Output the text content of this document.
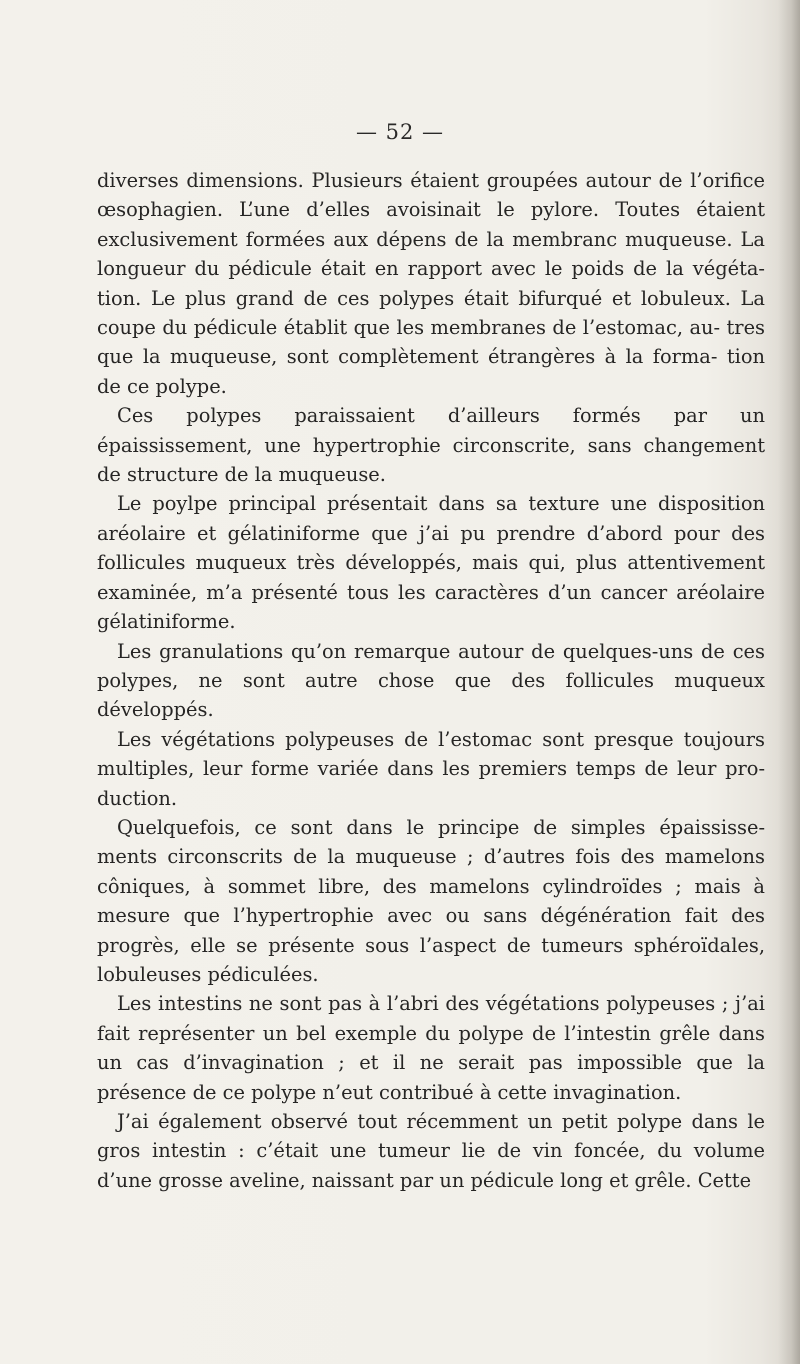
— 52 —

diverses dimensions. Plusieurs étaient groupées autour de l’orifice œsophagien. L’une d’elles avoisinait le pylore. Toutes étaient exclusivement formées aux dépens de la membranc muqueuse. La longueur du pédicule était en rapport avec le poids de la végéta- tion. Le plus grand de ces polypes était bifurqué et lobuleux. La coupe du pédicule établit que les membranes de l’estomac, au- tres que la muqueuse, sont complètement étrangères à la forma- tion de ce polype.

Ces polypes paraissaient d’ailleurs formés par un épaississement, une hypertrophie circonscrite, sans changement de structure de la muqueuse.

Le poylpe principal présentait dans sa texture une disposition aréolaire et gélatiniforme que j’ai pu prendre d’abord pour des follicules muqueux très développés, mais qui, plus attentivement examinée, m’a présenté tous les caractères d’un cancer aréolaire gélatiniforme.

Les granulations qu’on remarque autour de quelques-uns de ces polypes, ne sont autre chose que des follicules muqueux développés.

Les végétations polypeuses de l’estomac sont presque toujours multiples, leur forme variée dans les premiers temps de leur pro- duction.

Quelquefois, ce sont dans le principe de simples épaississe- ments circonscrits de la muqueuse ; d’autres fois des mamelons côniques, à sommet libre, des mamelons cylindroïdes ; mais à mesure que l’hypertrophie avec ou sans dégénération fait des progrès, elle se présente sous l’aspect de tumeurs sphéroïdales, lobuleuses pédiculées.

Les intestins ne sont pas à l’abri des végétations polypeuses ; j’ai fait représenter un bel exemple du polype de l’intestin grêle dans un cas d’invagination ; et il ne serait pas impossible que la présence de ce polype n’eut contribué à cette invagination.

J’ai également observé tout récemment un petit polype dans le gros intestin : c’était une tumeur lie de vin foncée, du volume d’une grosse aveline, naissant par un pédicule long et grêle. Cette
